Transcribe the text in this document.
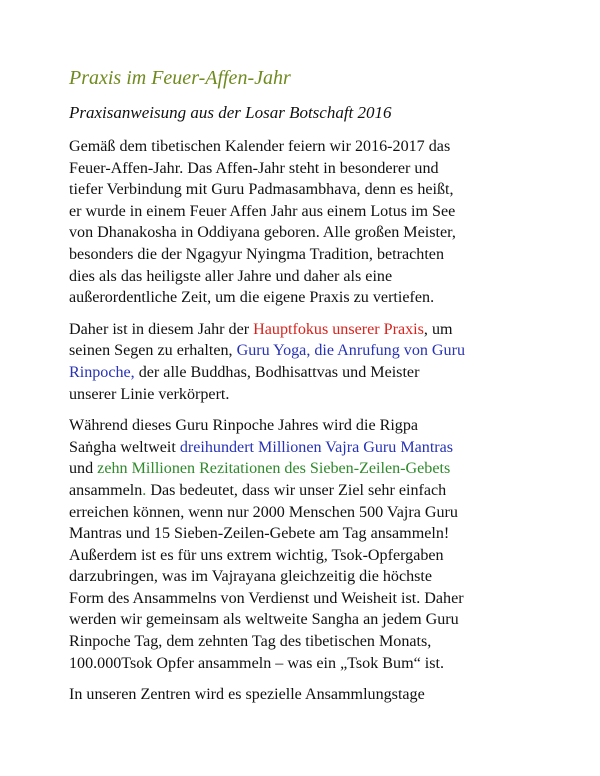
Praxis im Feuer-Affen-Jahr
Praxisanweisung aus der Losar Botschaft 2016

Gemäß dem tibetischen Kalender feiern wir 2016-2017 das
Feuer-Affen-Jahr. Das Affen-Jahr steht in besonderer und
tiefer Verbindung mit Guru Padmasambhava, denn es heißt,
er wurde in einem Feuer Affen Jahr aus einem Lotus im See
von Dhanakosha in Oddiyana geboren. Alle großen Meister,
besonders die der Ngagyur Nyingma Tradition, betrachten
dies als das heiligste aller Jahre und daher als eine
außerordentliche Zeit, um die eigene Praxis zu vertiefen.

Daher ist in diesem Jahr der Hauptfokus unserer Praxis, um
seinen Segen zu erhalten, Guru Yoga, die Anrufung von Guru
Rinpoche, der alle Buddhas, Bodhisattvas und Meister
unserer Linie verkörpert.

Während dieses Guru Rinpoche Jahres wird die Rigpa
Saṅgha weltweit dreihundert Millionen Vajra Guru Mantras
und zehn Millionen Rezitationen des Sieben-Zeilen-Gebets
ansammeln. Das bedeutet, dass wir unser Ziel sehr einfach
erreichen können, wenn nur 2000 Menschen 500 Vajra Guru
Mantras und 15 Sieben-Zeilen-Gebete am Tag ansammeln!
Außerdem ist es für uns extrem wichtig, Tsok-Opfergaben
darzubringen, was im Vajrayana gleichzeitig die höchste
Form des Ansammelns von Verdienst und Weisheit ist. Daher
werden wir gemeinsam als weltweite Sangha an jedem Guru
Rinpoche Tag, dem zehnten Tag des tibetischen Monats,
100.000Tsok Opfer ansammeln – was ein „Tsok Bum“ ist.

In unseren Zentren wird es spezielle Ansammlungstage
